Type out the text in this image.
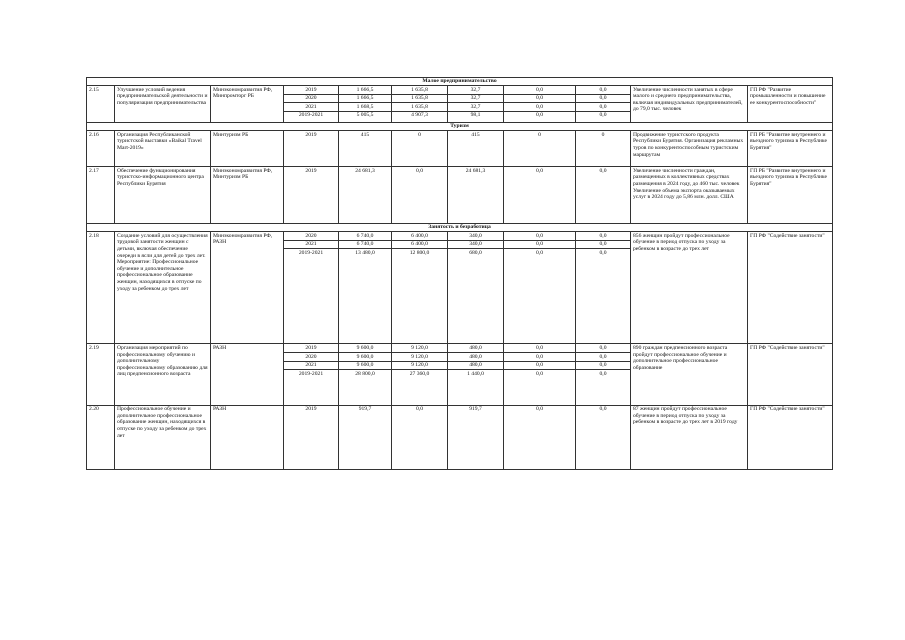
Малое предпринимательство										
2.15	Улучшение условий ведения предпринимательской деятельности и популяризация предпринимательства	Минэкономразвития РФ, Минпромторг РБ	2019	1 666,5	1 635,8	32,7	0,0	0,0	Увеличение численности занятых в сфере малого и среднего предпринимательства, включая индивидуальных предпринимателей, до 79,0 тыс. человек	ГП РФ "Развитие промышленности и повышение ее конкурентоспособности"
			2020	1 666,5	1 635,8	32,7	0,0	0,0		
			2021	1 668,5	1 635,8	32,7	0,0	0,0		
			2019-2021	5 005,5	4 907,3	98,1	0,0	0,0		
Туризм										
2.16	Организация Республиканской туристской выставки «Baikal Travel Mart-2019»	Минтуризм РБ	2019	415	0	415	0	0	Продвижение туристского продукта Республики Бурятия. Организация рекламных туров по конкурентоспособным туристским маршрутам	ГП РБ "Развитие внутреннего и въездного туризма в Республике Бурятия"
2.17	Обеспечение функционирования туристско-информационного центра Республики Бурятия	Минэкономразвития РФ, Минтуризм РБ	2019	24 681,3	0,0	24 681,3	0,0	0,0	Увеличение численности граждан, размещенных в коллективных средствах размещения в 2024 году, до 460 тыс. человек Увеличение объема экспорта оказываемых услуг в 2024 году до 5,86 млн. долл. США	ГП РБ "Развитие внутреннего и въездного туризма в Республике Бурятия"
Занятость и безработица										
2.18	Создание условий для осуществления трудовой занятости женщин с детьми, включая обеспечение очереди в ясли для детей до трех лет. Мероприятие: Профессиональное обучение и дополнительное профессиональное образование женщин, находящихся в отпуске по уходу за ребенком до трех лет	Минэкономразвития РФ, РАЗН	2020	6 740,0	6 400,0	340,0	0,0	0,0	856 женщин пройдут профессиональное обучение в период отпуска по уходу за ребенком в возрасте до трех лет	ГП РФ "Содействие занятости"
			2021	6 740,0	6 400,0	340,0	0,0	0,0		
			2019-2021	13 480,0	12 800,0	680,0	0,0	0,0		
2.19	Организация мероприятий по профессиональному обучению и дополнительному профессиональному образованию для лиц предпенсионного возраста	РАЗН	2019	9 600,0	9 120,0	480,0	0,0	0,0	890 граждан предпенсионного возраста пройдут профессиональное обучение и дополнительное профессиональное образование	ГП РФ "Содействие занятости"
			2020	9 600,0	9 120,0	480,0	0,0	0,0		
			2021	9 600,0	9 120,0	480,0	0,0	0,0		
			2019-2021	28 800,0	27 360,0	1 440,0	0,0	0,0		
2.20	Профессиональное обучение и дополнительное профессиональное образование женщин, находящихся в отпуске по уходу за ребенком до трех лет	РАЗН	2019	919,7	0,0	919,7	0,0	0,0	87 женщин пройдут профессиональное обучение в период отпуска по уходу за ребенком в возрасте до трех лет в 2019 году	ГП РФ "Содействие занятости"
